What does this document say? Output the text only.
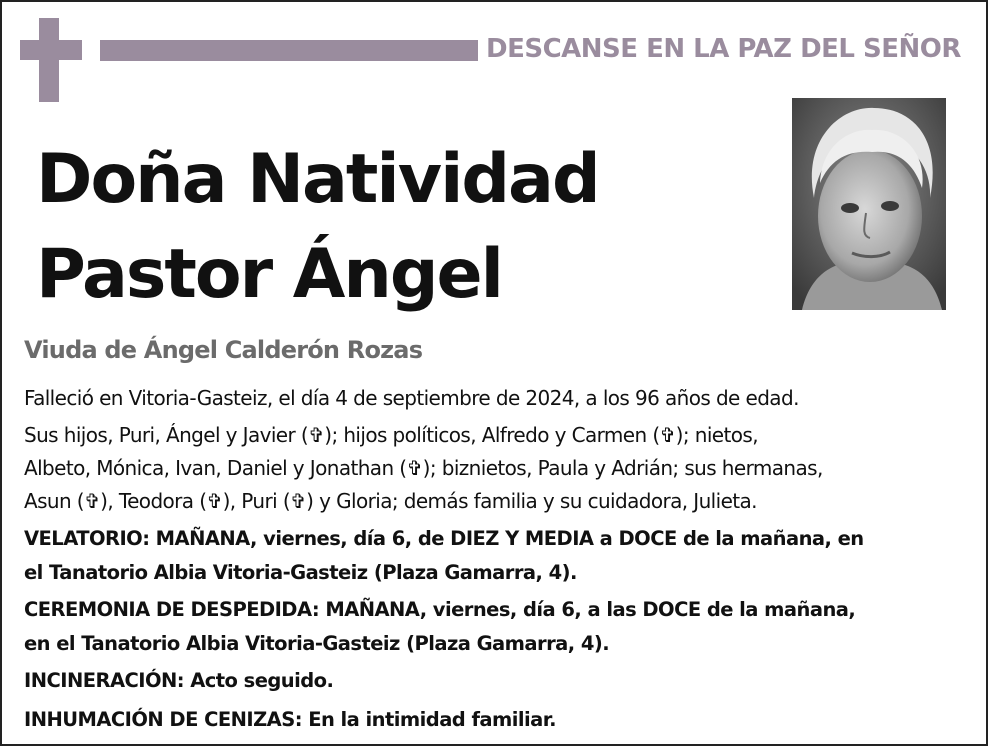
DESCANSE EN LA PAZ DEL SEÑOR
Doña Natividad
Pastor Ángel
Viuda de Ángel Calderón Rozas

Falleció en Vitoria-Gasteiz, el día 4 de septiembre de 2024, a los 96 años de edad.

Sus hijos, Puri, Ángel y Javier (✞); hijos políticos, Alfredo y Carmen (✞); nietos,
Albeto, Mónica, Ivan, Daniel y Jonathan (✞); biznietos, Paula y Adrián; sus hermanas,
Asun (✞), Teodora (✞), Puri (✞) y Gloria; demás familia y su cuidadora, Julieta.

VELATORIO: MAÑANA, viernes, día 6, de DIEZ Y MEDIA a DOCE de la mañana, en
el Tanatorio Albia Vitoria-Gasteiz (Plaza Gamarra, 4).

CEREMONIA DE DESPEDIDA: MAÑANA, viernes, día 6, a las DOCE de la mañana,
en el Tanatorio Albia Vitoria-Gasteiz (Plaza Gamarra, 4).

INCINERACIÓN: Acto seguido.

INHUMACIÓN DE CENIZAS: En la intimidad familiar.
